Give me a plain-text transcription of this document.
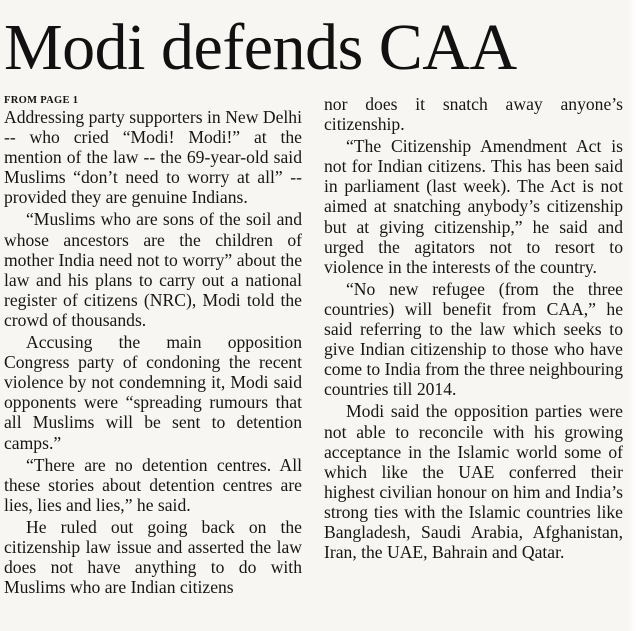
Modi defends CAA
FROM PAGE 1

Addressing party supporters in New Delhi -- who cried “Modi! Modi!” at the mention of the law -- the 69-year-old said Muslims “don’t need to worry at all” -- provided they are genuine Indians.

“Muslims who are sons of the soil and whose ancestors are the children of mother India need not to worry” about the law and his plans to carry out a national register of citizens (NRC), Modi told the crowd of thousands.

Accusing the main opposition Congress party of condoning the recent violence by not condemning it, Modi said opponents were “spreading rumours that all Muslims will be sent to detention camps.”

“There are no detention centres. All these stories about detention centres are lies, lies and lies,” he said.

He ruled out going back on the citizenship law issue and asserted the law does not have anything to do with Muslims who are Indian citizens

nor does it snatch away anyone’s citizenship.

“The Citizenship Amendment Act is not for Indian citizens. This has been said in parliament (last week). The Act is not aimed at snatching anybody’s citizenship but at giving citizenship,” he said and urged the agitators not to resort to violence in the interests of the country.

“No new refugee (from the three countries) will benefit from CAA,” he said referring to the law which seeks to give Indian citizenship to those who have come to India from the three neighbouring countries till 2014.

Modi said the opposition parties were not able to reconcile with his growing acceptance in the Islamic world some of which like the UAE conferred their highest civilian honour on him and India’s strong ties with the Islamic countries like Bangladesh, Saudi Arabia, Afghanistan, Iran, the UAE, Bahrain and Qatar.
